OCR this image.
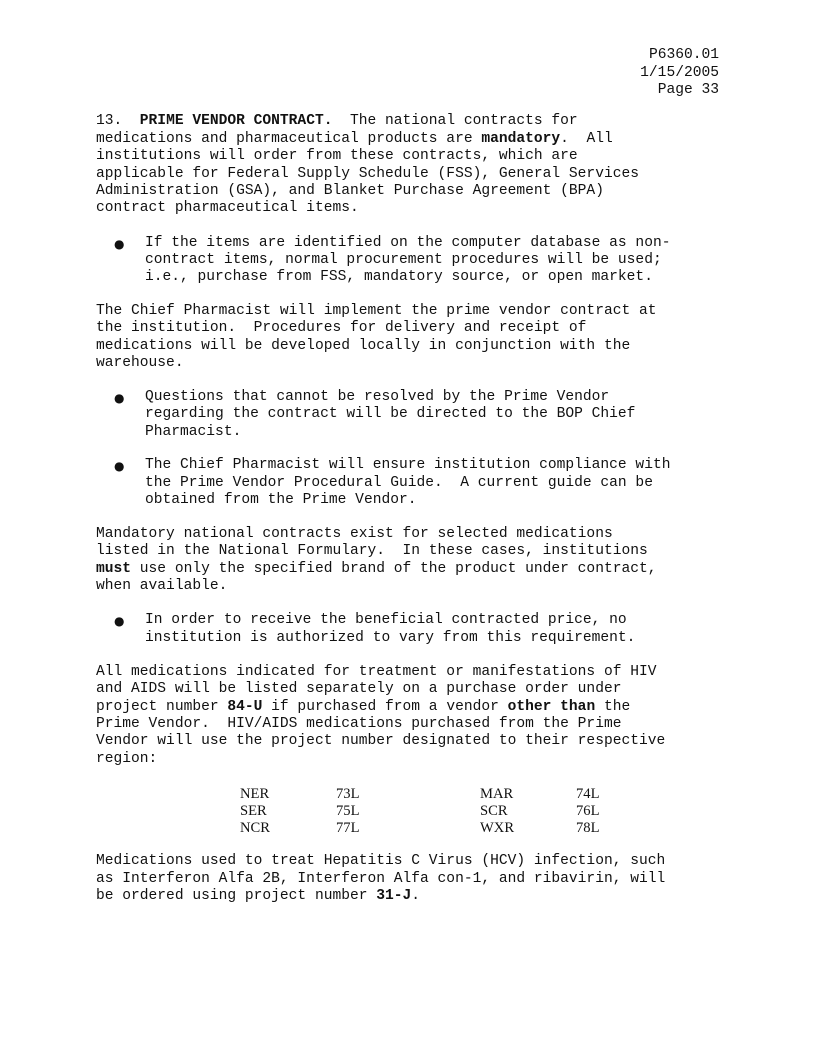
P6360.01
1/15/2005
Page 33
13. PRIME VENDOR CONTRACT.  The national contracts for
medications and pharmaceutical products are mandatory.  All
institutions will order from these contracts, which are
applicable for Federal Supply Schedule (FSS), General Services
Administration (GSA), and Blanket Purchase Agreement (BPA)
contract pharmaceutical items.
● If the items are identified on the computer database as non-
contract items, normal procurement procedures will be used;
i.e., purchase from FSS, mandatory source, or open market.
The Chief Pharmacist will implement the prime vendor contract at
the institution.  Procedures for delivery and receipt of
medications will be developed locally in conjunction with the
warehouse.
● Questions that cannot be resolved by the Prime Vendor
regarding the contract will be directed to the BOP Chief
Pharmacist.
● The Chief Pharmacist will ensure institution compliance with
the Prime Vendor Procedural Guide.  A current guide can be
obtained from the Prime Vendor.
Mandatory national contracts exist for selected medications
listed in the National Formulary.  In these cases, institutions
must use only the specified brand of the product under contract,
when available.
● In order to receive the beneficial contracted price, no
institution is authorized to vary from this requirement.
All medications indicated for treatment or manifestations of HIV
and AIDS will be listed separately on a purchase order under
project number 84-U if purchased from a vendor other than the
Prime Vendor.  HIV/AIDS medications purchased from the Prime
Vendor will use the project number designated to their respective
region:
NER	73L	MAR	74L
SER	75L	SCR	76L
NCR	77L	WXR	78L
Medications used to treat Hepatitis C Virus (HCV) infection, such
as Interferon Alfa 2B, Interferon Alfa con-1, and ribavirin, will
be ordered using project number 31-J.
